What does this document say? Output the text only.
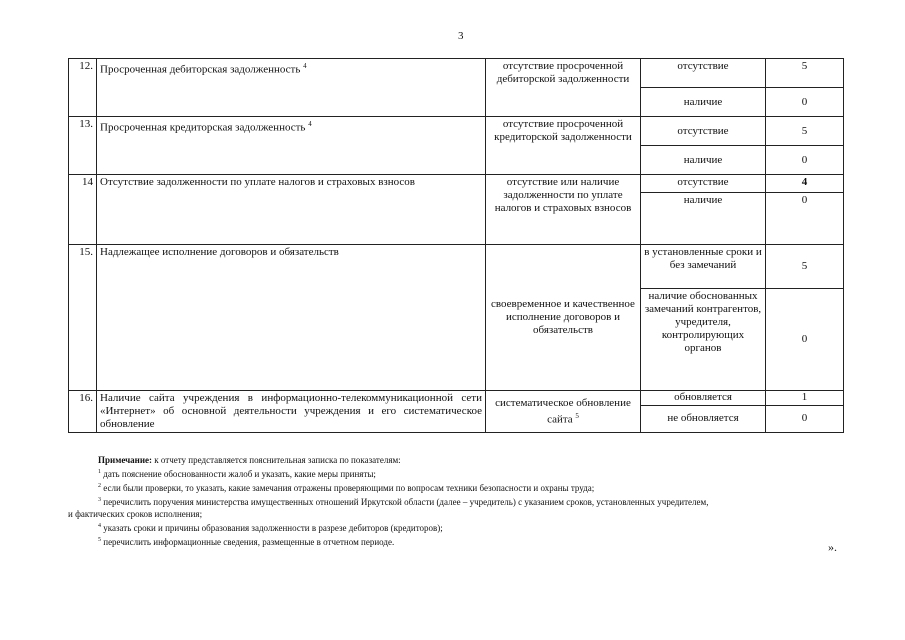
3
12.	Просроченная дебиторская задолженность $^4$	отсутствие просроченной дебиторской задолженности	отсутствие	5
			наличие	0
13.	Просроченная кредиторская задолженность $^4$	отсутствие просроченной кредиторской задолженности	отсутствие	5
			наличие	0
14	Отсутствие задолженности по уплате налогов и страховых взносов	отсутствие или наличие задолженности по уплате налогов и страховых взносов	отсутствие	4
			наличие	0
15.	Надлежащее исполнение договоров и обязательств	своевременное и качественное исполнение договоров и обязательств	в установленные сроки и без замечаний	5
			наличие обоснованных замечаний контрагентов, учредителя, контролирующих органов	0
16.	Наличие сайта учреждения в информационно-телекоммуникационной сети «Интернет» об основной деятельности учреждения и его систематическое обновление	систематическое обновление сайта $^5$	обновляется	1
			не обновляется	0
Примечание: к отчету представляется пояснительная записка по показателям:
$^1$ дать пояснение обоснованности жалоб и указать, какие меры приняты;
$^2$ если были проверки, то указать, какие замечания отражены проверяющими по вопросам техники безопасности и охраны труда;
$^3$ перечислить поручения министерства имущественных отношений Иркутской области (далее – учредитель) с указанием сроков, установленных учредителем,
и фактических сроков исполнения;
$^4$ указать сроки и причины образования задолженности в разрезе дебиторов (кредиторов);
$^5$ перечислить информационные сведения, размещенные в отчетном периоде.	».
